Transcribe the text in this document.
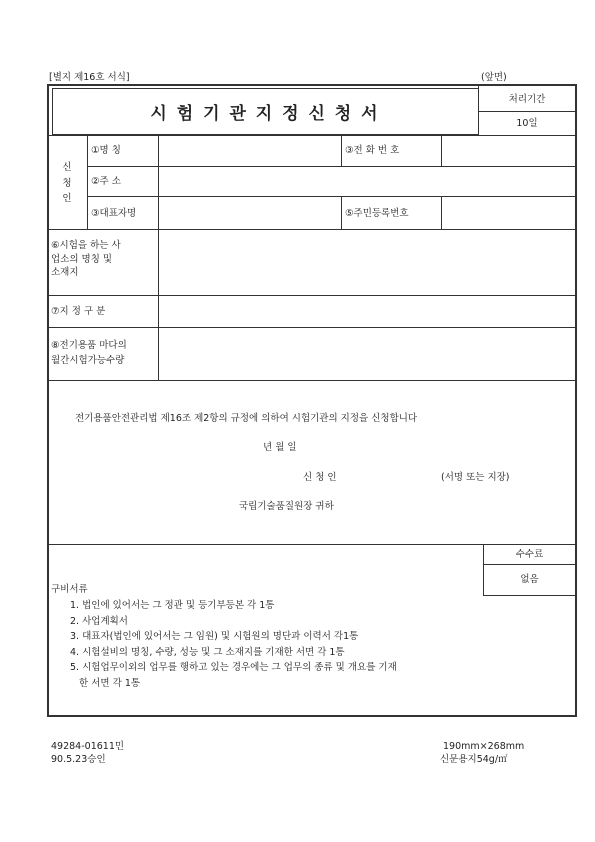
[별지 제16호 서식]	(앞면)
시 험 기 관 지 정 신 청 서
처리기간
10일
수수료
없음
신
청
인
①명 칭	③전 화 번 호
②주 소
③대표자명	⑤주민등록번호
⑥시험을 하는 사
업소의 명칭 및
소재지
⑦지 정 구 분
⑧전기용품 마다의
월간시험가능수량
전기용품안전관리법 제16조 제2항의 규정에 의하여 시험기관의 지정을 신청합니다
년 월 일
신 청 인	(서명 또는 지장)
국립기술품질원장 귀하
구비서류
1. 법인에 있어서는 그 정관 및 등기부등본 각 1통
2. 사업계획서
3. 대표자(법인에 있어서는 그 임원) 및 시험원의 명단과 이력서 각1통
4. 시험설비의 명칭, 수량, 성능 및 그 소재지를 기재한 서면 각 1통
5. 시험업무이외의 업무를 행하고 있는 경우에는 그 업무의 종류 및 개요를 기재
한 서면 각 1통
49284-01611민
90.5.23승인
190mm×268mm
신문용지54g/㎡
